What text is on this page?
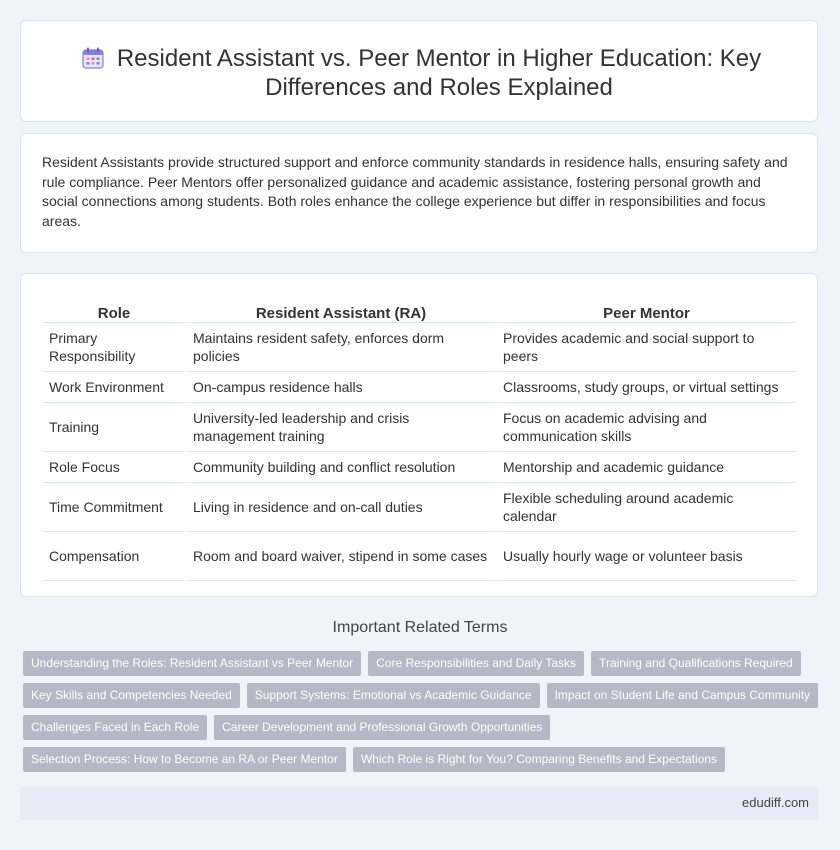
Resident Assistant vs. Peer Mentor in Higher Education: Key Differences and Roles Explained

Resident Assistants provide structured support and enforce community standards in residence halls, ensuring safety and rule compliance. Peer Mentors offer personalized guidance and academic assistance, fostering personal growth and social connections among students. Both roles enhance the college experience but differ in responsibilities and focus areas.

Role	Resident Assistant (RA)	Peer Mentor
Primary Responsibility	Maintains resident safety, enforces dorm policies	Provides academic and social support to peers
Work Environment	On-campus residence halls	Classrooms, study groups, or virtual settings
Training	University-led leadership and crisis management training	Focus on academic advising and communication skills
Role Focus	Community building and conflict resolution	Mentorship and academic guidance
Time Commitment	Living in residence and on-call duties	Flexible scheduling around academic calendar
Compensation	Room and board waiver, stipend in some cases	Usually hourly wage or volunteer basis
Important Related Terms
Understanding the Roles: Resident Assistant vs Peer Mentor Core Responsibilities and Daily Tasks Training and Qualifications Required
Key Skills and Competencies Needed Support Systems: Emotional vs Academic Guidance Impact on Student Life and Campus Community
Challenges Faced in Each Role Career Development and Professional Growth Opportunities
Selection Process: How to Become an RA or Peer Mentor Which Role is Right for You? Comparing Benefits and Expectations
edudiff.com
